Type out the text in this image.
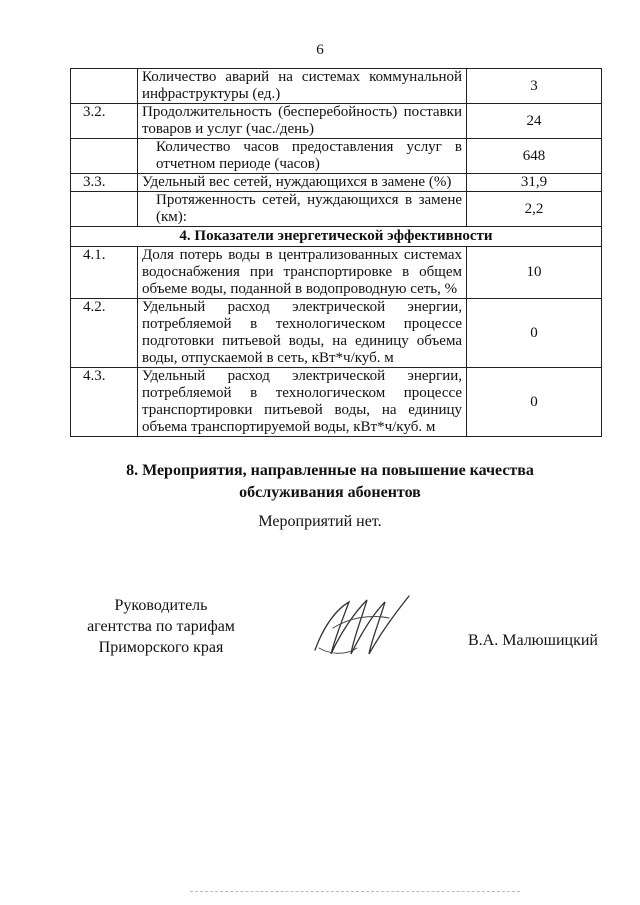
6
	Количество аварий на системах коммунальной инфраструктуры (ед.)	3
3.2.	Продолжительность (бесперебойность) поставки товаров и услуг (час./день)	24
	Количество часов предоставления услуг в отчетном периоде (часов)	648
3.3.	Удельный вес сетей, нуждающихся в замене (%)	31,9
	Протяженность сетей, нуждающихся в замене (км):	2,2
4. Показатели энергетической эффективности		
4.1.	Доля потерь воды в централизованных системах водоснабжения при транспортировке в общем объеме воды, поданной в водопроводную сеть, %	10
4.2.	Удельный расход электрической энергии, потребляемой в технологическом процессе подготовки питьевой воды, на единицу объема воды, отпускаемой в сеть, кВт*ч/куб. м	0
4.3.	Удельный расход электрической энергии, потребляемой в технологическом процессе транспортировки питьевой воды, на единицу объема транспортируемой воды, кВт*ч/куб. м	0
8. Мероприятия, направленные на повышение качества обслуживания абонентов
Мероприятий нет.
Руководитель
агентства по тарифам
Приморского края	В.А. Малюшицкий
